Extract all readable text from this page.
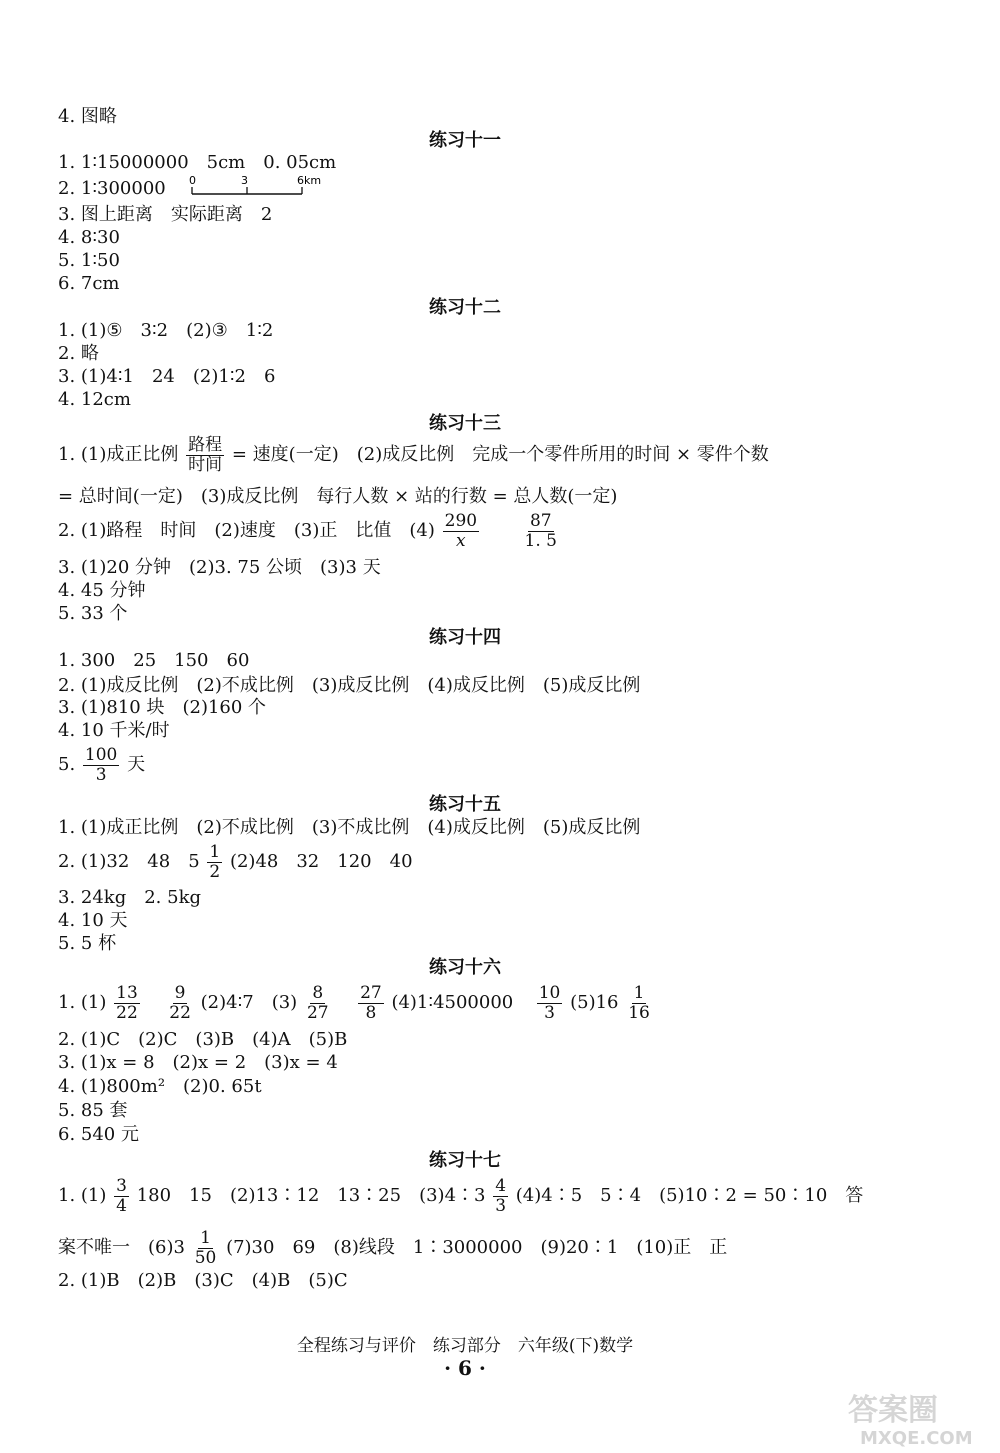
4. 图略
练习十一
1. 1∶15000000　5cm　0. 05cm
2. 1∶300000 0	3	6km
3. 图上距离　实际距离　2
4. 8∶30
5. 1∶50
6. 7cm
练习十二
1. (1)⑤　3∶2　(2)③　1∶2
2. 略
3. (1)4∶1　24　(2)1∶2　6
4. 12cm
练习十三
1. (1)成正比例 $\frac{\text{路程}}{\text{时间}}$ = 速度(一定)　(2)成反比例　完成一个零件所用的时间 × 零件个数
= 总时间(一定)　(3)成反比例　每行人数 × 站的行数 = 总人数(一定)
2. (1)路程　时间　(2)速度　(3)正　比值　$(4) \frac{290}{x}$
	$\frac{87}{1. 5}$
3. (1)20 分钟　(2)3. 75 公顷　(3)3 天
4. 45 分钟
5. 33 个
练习十四
1. 300　25　150　60
2. (1)成反比例　(2)不成比例　(3)成反比例　(4)成反比例　(5)成反比例
3. (1)810 块　(2)160 个
4. 10 千米/时
5. $\frac{100}{3}$ 天
练习十五
1. (1)成正比例　(2)不成比例　(3)不成比例　(4)成反比例　(5)成反比例
2. (1)32　48　$5 \frac{1}{2} (2)48$　32　120　40
3. 24kg　2. 5kg
4. 10 天
5. 5 杯
练习十六
1. $(1) \frac{13}{22}$
$\frac{9}{22}$ (2)4∶7　$(3) \frac{8}{27}$
$\frac{27}{8}$ (4)1∶4500000 $\frac{10}{3} (5)16 \frac{1}{16}$
2. (1)C　(2)C　(3)B　(4)A　(5)B
3. (1)x = 8　(2)x = 2　(3)x = 4
4. (1)800m²　(2)0. 65t
5. 85 套
6. 540 元
练习十七
1. $(1) \frac{3}{4} 180$　15　(2)13∶12　13∶25　(3)4∶3 $\frac{4}{3}$ (4)4∶5　5∶4　(5)10∶2 = 50∶10　答
案不唯一　$(6)3 \frac{1}{50} (7)30$　69　(8)线段　1∶3000000　(9)20∶1　(10)正　正
2. (1)B　(2)B　(3)C　(4)B　(5)C
全程练习与评价　练习部分　六年级(下)数学
· 6 ·
答案圈
MXQE.COM
